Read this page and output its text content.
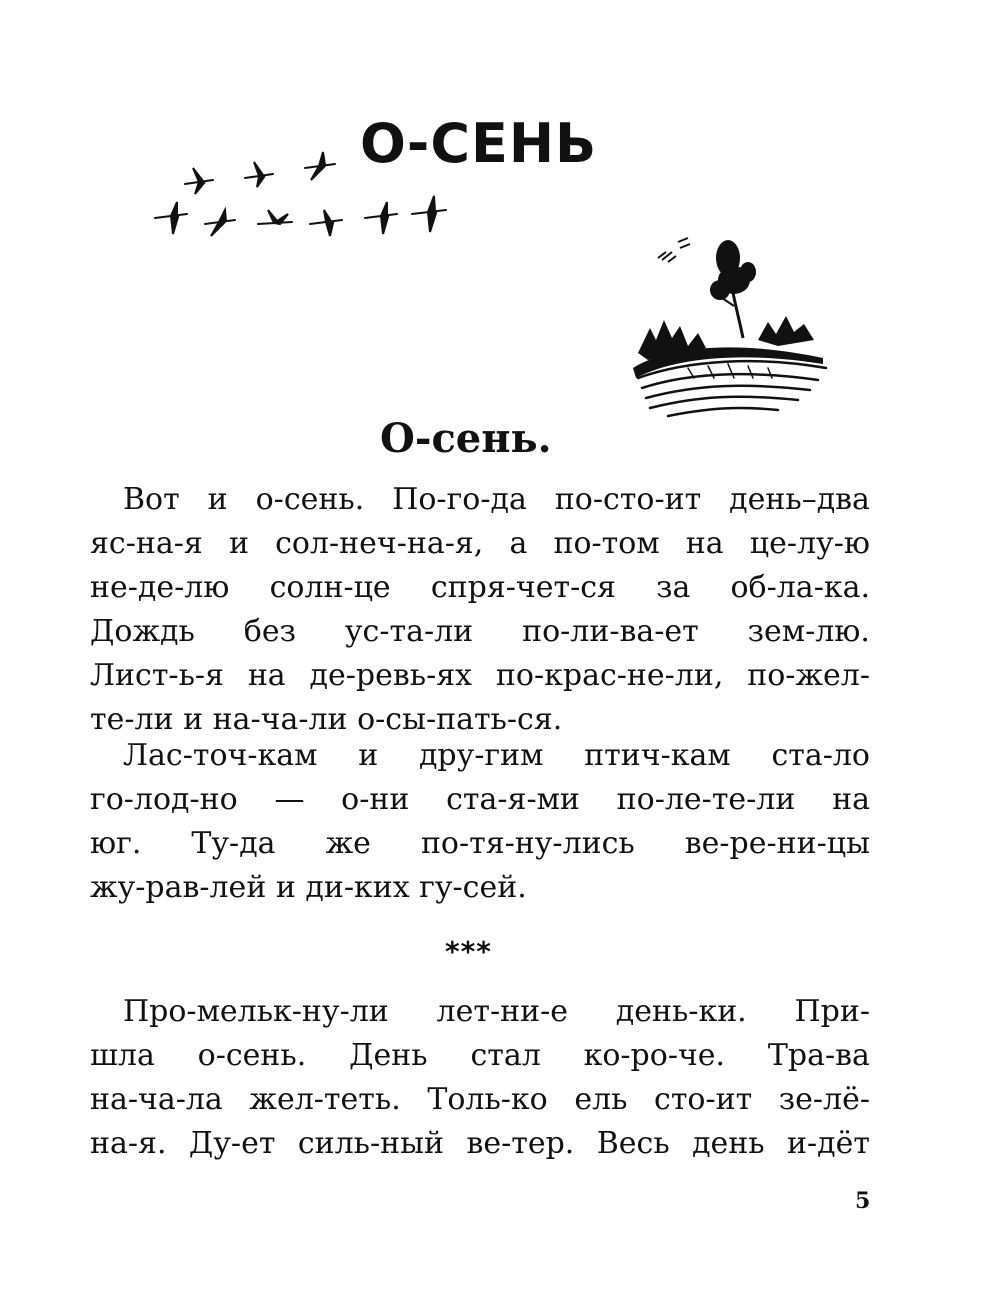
О-СЕНЬ
О-сень.
Вот и о-сень. По-го-да по-сто-ит день–два
яс-на-я и сол-неч-на-я, а по-том на це-лу-ю
не-де-лю солн-це спря-чет-ся за об-ла-ка.
Дождь без ус-та-ли по-ли-ва-ет зем-лю.
Лист-ь-я на де-ревь-ях по-крас-не-ли, по-жел-
те-ли и на-ча-ли о-сы-пать-ся.
Лас-точ-кам и дру-гим птич-кам ста-ло
го-лод-но — о-ни ста-я-ми по-ле-те-ли на
юг. Ту-да же по-тя-ну-лись ве-ре-ни-цы
жу-рав-лей и ди-ких гу-сей.
***
Про-мельк-ну-ли лет-ни-е день-ки. При-
шла о-сень. День стал ко-ро-че. Тра-ва
на-ча-ла жел-теть. Толь-ко ель сто-ит зе-лё-
на-я. Ду-ет силь-ный ве-тер. Весь день и-дёт
5
